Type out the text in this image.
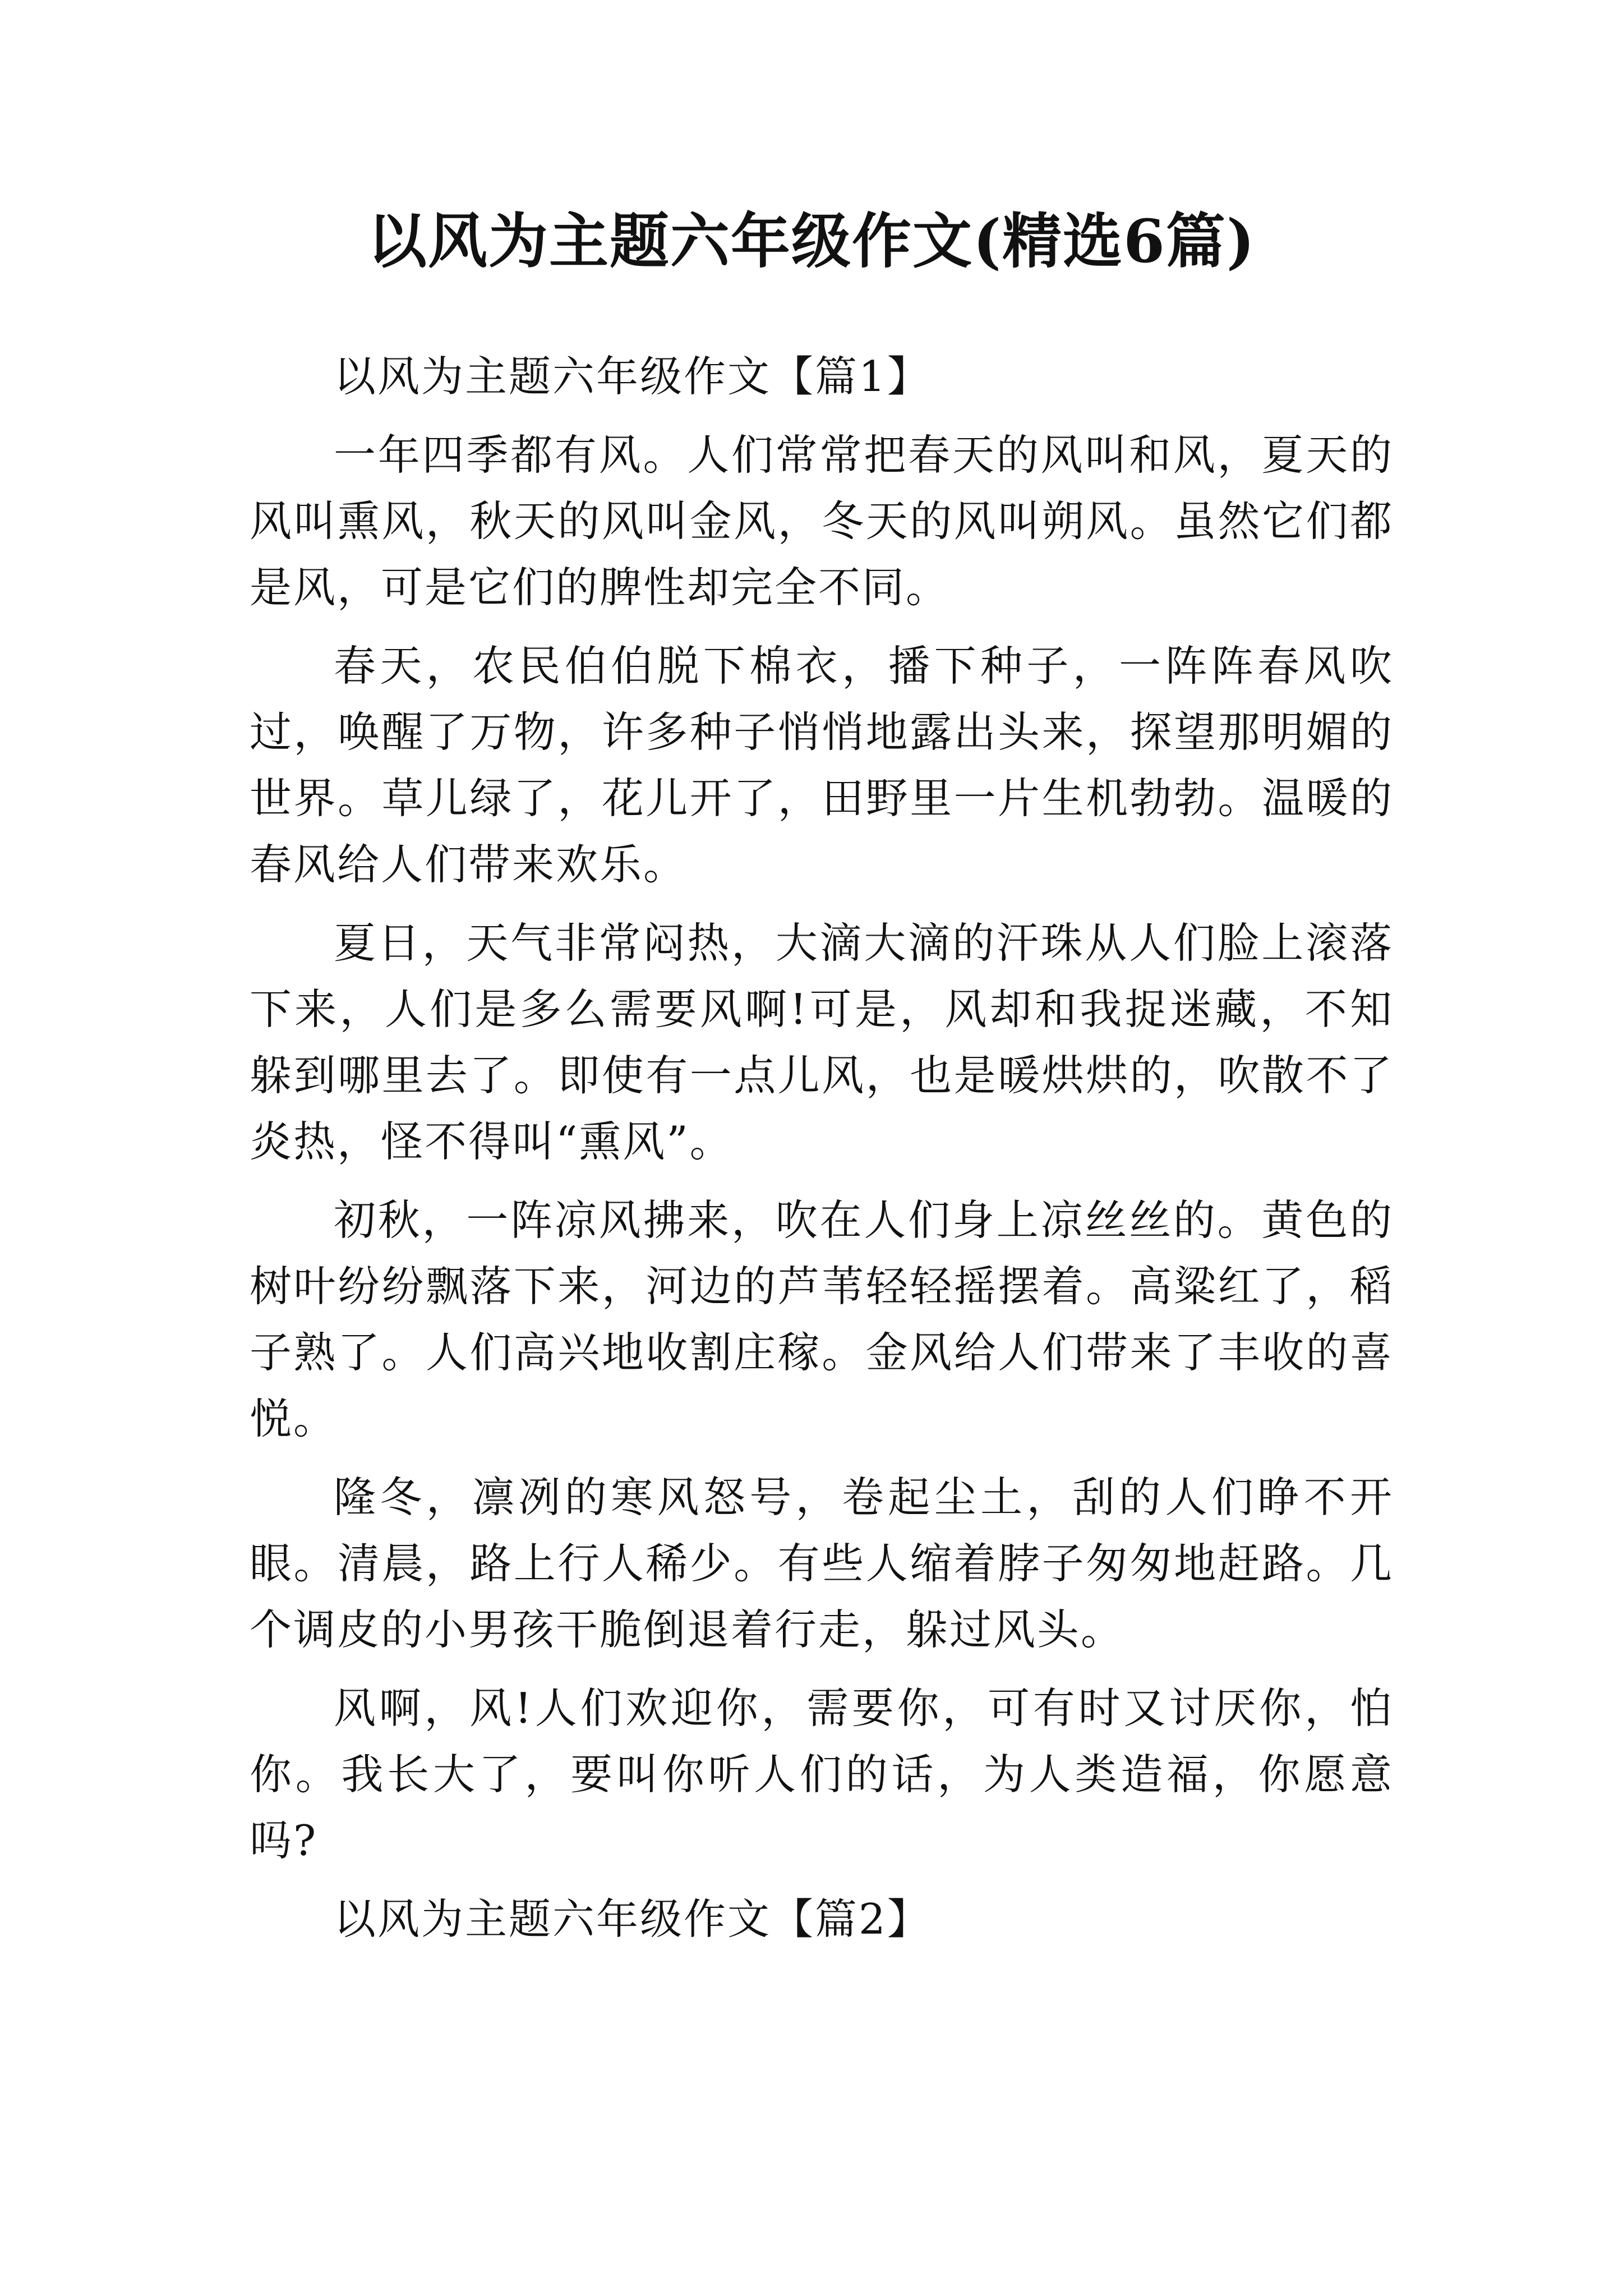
以风为主题六年级作文(精选6篇)

以风为主题六年级作文【篇1】

一年四季都有风。人们常常把春天的风叫和风，夏天的风叫熏风，秋天的风叫金风，冬天的风叫朔风。虽然它们都是风，可是它们的脾性却完全不同。

春天，农民伯伯脱下棉衣，播下种子，一阵阵春风吹过，唤醒了万物，许多种子悄悄地露出头来，探望那明媚的世界。草儿绿了，花儿开了，田野里一片生机勃勃。温暖的春风给人们带来欢乐。

夏日，天气非常闷热，大滴大滴的汗珠从人们脸上滚落下来，人们是多么需要风啊!可是，风却和我捉迷藏，不知躲到哪里去了。即使有一点儿风，也是暖烘烘的，吹散不了炎热，怪不得叫“熏风”。

初秋，一阵凉风拂来，吹在人们身上凉丝丝的。黄色的树叶纷纷飘落下来，河边的芦苇轻轻摇摆着。高粱红了，稻子熟了。人们高兴地收割庄稼。金风给人们带来了丰收的喜悦。

隆冬，凛冽的寒风怒号，卷起尘土，刮的人们睁不开眼。清晨，路上行人稀少。有些人缩着脖子匆匆地赶路。几个调皮的小男孩干脆倒退着行走，躲过风头。

风啊，风!人们欢迎你，需要你，可有时又讨厌你，怕你。我长大了，要叫你听人们的话，为人类造福，你愿意吗?

以风为主题六年级作文【篇2】
